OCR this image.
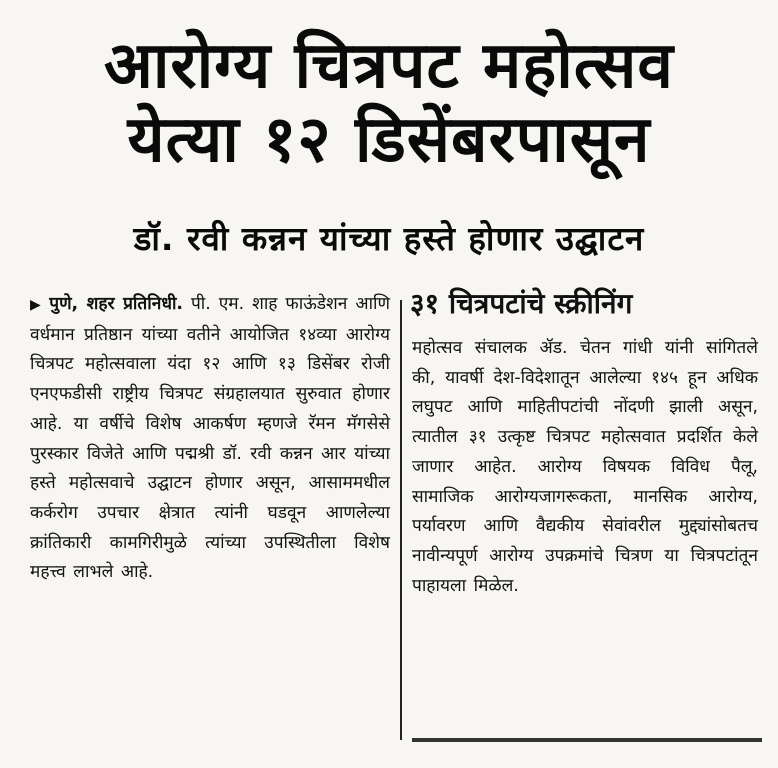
आरोग्य चित्रपट महोत्सव
येत्या १२ डिसेंबरपासून
डॉ. रवी कन्नन यांच्या हस्ते होणार उद्घाटन
▶ पुणे, शहर प्रतिनिधी. पी. एम. शाह फाऊंडेशन आणि वर्धमान प्रतिष्ठान यांच्या वतीने आयोजित १४व्या आरोग्य चित्रपट महोत्सवाला यंदा १२ आणि १३ डिसेंबर रोजी एनएफडीसी राष्ट्रीय चित्रपट संग्रहालयात सुरुवात होणार आहे. या वर्षीचे विशेष आकर्षण म्हणजे रॅमन मॅगसेसे पुरस्कार विजेते आणि पद्मश्री डॉ. रवी कन्नन आर यांच्या हस्ते महोत्सवाचे उद्घाटन होणार असून, आसाममधील कर्करोग उपचार क्षेत्रात त्यांनी घडवून आणलेल्या क्रांतिकारी कामगिरीमुळे त्यांच्या उपस्थितीला विशेष महत्त्व लाभले आहे.
३१ चित्रपटांचे स्क्रीनिंग
महोत्सव संचालक ॲड. चेतन गांधी यांनी सांगितले की, यावर्षी देश-विदेशातून आलेल्या १४५ हून अधिक लघुपट आणि माहितीपटांची नोंदणी झाली असून, त्यातील ३१ उत्कृष्ट चित्रपट महोत्सवात प्रदर्शित केले जाणार आहेत. आरोग्य विषयक विविध पैलू, सामाजिक आरोग्यजागरूकता, मानसिक आरोग्य, पर्यावरण आणि वैद्यकीय सेवांवरील मुद्द्यांसोबतच नावीन्यपूर्ण आरोग्य उपक्रमांचे चित्रण या चित्रपटांतून पाहायला मिळेल.
